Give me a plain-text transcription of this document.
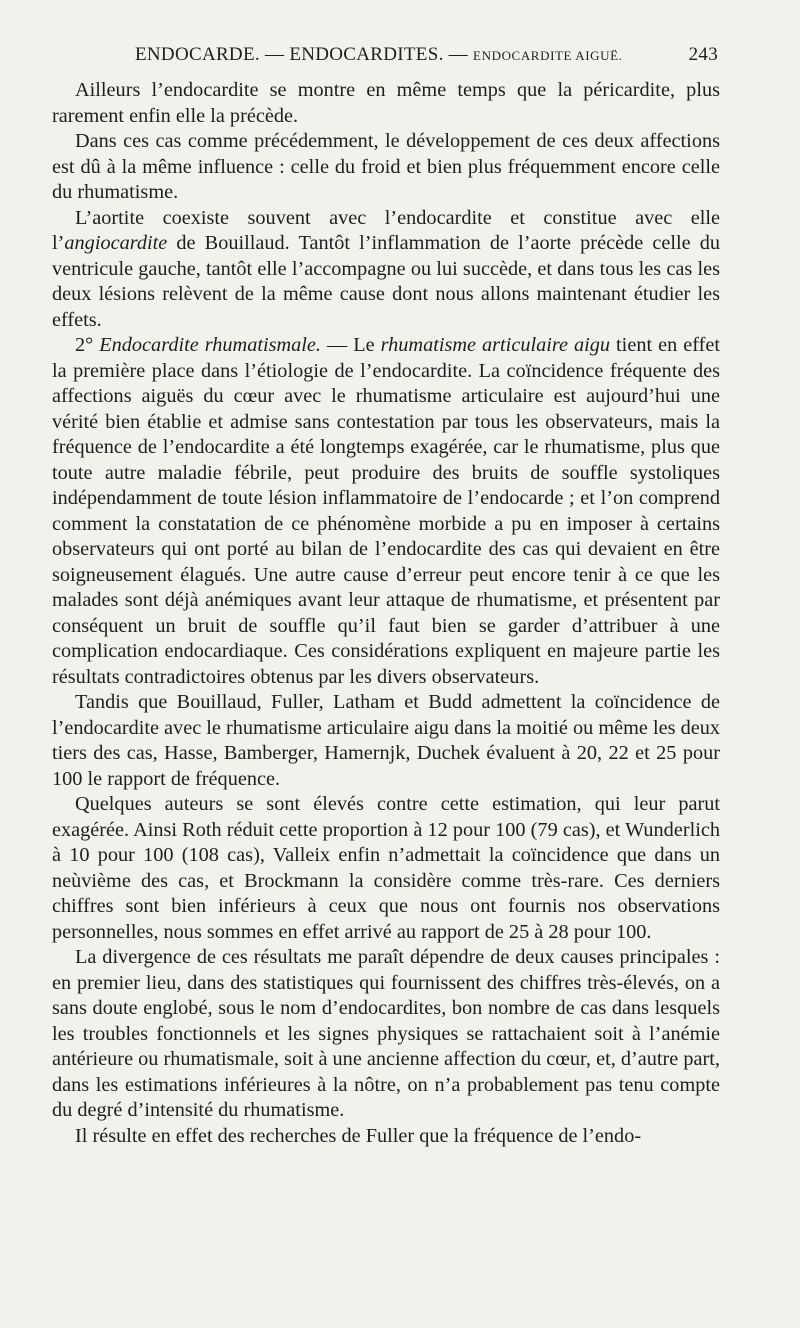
ENDOCARDE. — ENDOCARDITES. — ENDOCARDITE AIGUË.	243

Ailleurs l’endocardite se montre en même temps que la péricardite, plus rarement enfin elle la précède.

Dans ces cas comme précédemment, le développement de ces deux affections est dû à la même influence : celle du froid et bien plus fréquemment encore celle du rhumatisme.

L’aortite coexiste souvent avec l’endocardite et constitue avec elle l’angiocardite de Bouillaud. Tantôt l’inflammation de l’aorte précède celle du ventricule gauche, tantôt elle l’accompagne ou lui succède, et dans tous les cas les deux lésions relèvent de la même cause dont nous allons maintenant étudier les effets.

2° Endocardite rhumatismale. — Le rhumatisme articulaire aigu tient en effet la première place dans l’étiologie de l’endocardite. La coïncidence fréquente des affections aiguës du cœur avec le rhumatisme articulaire est aujourd’hui une vérité bien établie et admise sans contestation par tous les observateurs, mais la fréquence de l’endocardite a été longtemps exagérée, car le rhumatisme, plus que toute autre maladie fébrile, peut produire des bruits de souffle systoliques indépendamment de toute lésion inflammatoire de l’endocarde ; et l’on comprend comment la constatation de ce phénomène morbide a pu en imposer à certains observateurs qui ont porté au bilan de l’endocardite des cas qui devaient en être soigneusement élagués. Une autre cause d’erreur peut encore tenir à ce que les malades sont déjà anémiques avant leur attaque de rhumatisme, et présentent par conséquent un bruit de souffle qu’il faut bien se garder d’attribuer à une complication endocardiaque. Ces considérations expliquent en majeure partie les résultats contradictoires obtenus par les divers observateurs.

Tandis que Bouillaud, Fuller, Latham et Budd admettent la coïncidence de l’endocardite avec le rhumatisme articulaire aigu dans la moitié ou même les deux tiers des cas, Hasse, Bamberger, Hamernjk, Duchek évaluent à 20, 22 et 25 pour 100 le rapport de fréquence.

Quelques auteurs se sont élevés contre cette estimation, qui leur parut exagérée. Ainsi Roth réduit cette proportion à 12 pour 100 (79 cas), et Wunderlich à 10 pour 100 (108 cas), Valleix enfin n’admettait la coïncidence que dans un neùvième des cas, et Brockmann la considère comme très-rare. Ces derniers chiffres sont bien inférieurs à ceux que nous ont fournis nos observations personnelles, nous sommes en effet arrivé au rapport de 25 à 28 pour 100.

La divergence de ces résultats me paraît dépendre de deux causes principales : en premier lieu, dans des statistiques qui fournissent des chiffres très-élevés, on a sans doute englobé, sous le nom d’endocardites, bon nombre de cas dans lesquels les troubles fonctionnels et les signes physiques se rattachaient soit à l’anémie antérieure ou rhumatismale, soit à une ancienne affection du cœur, et, d’autre part, dans les estimations inférieures à la nôtre, on n’a probablement pas tenu compte du degré d’intensité du rhumatisme.

Il résulte en effet des recherches de Fuller que la fréquence de l’endo-
